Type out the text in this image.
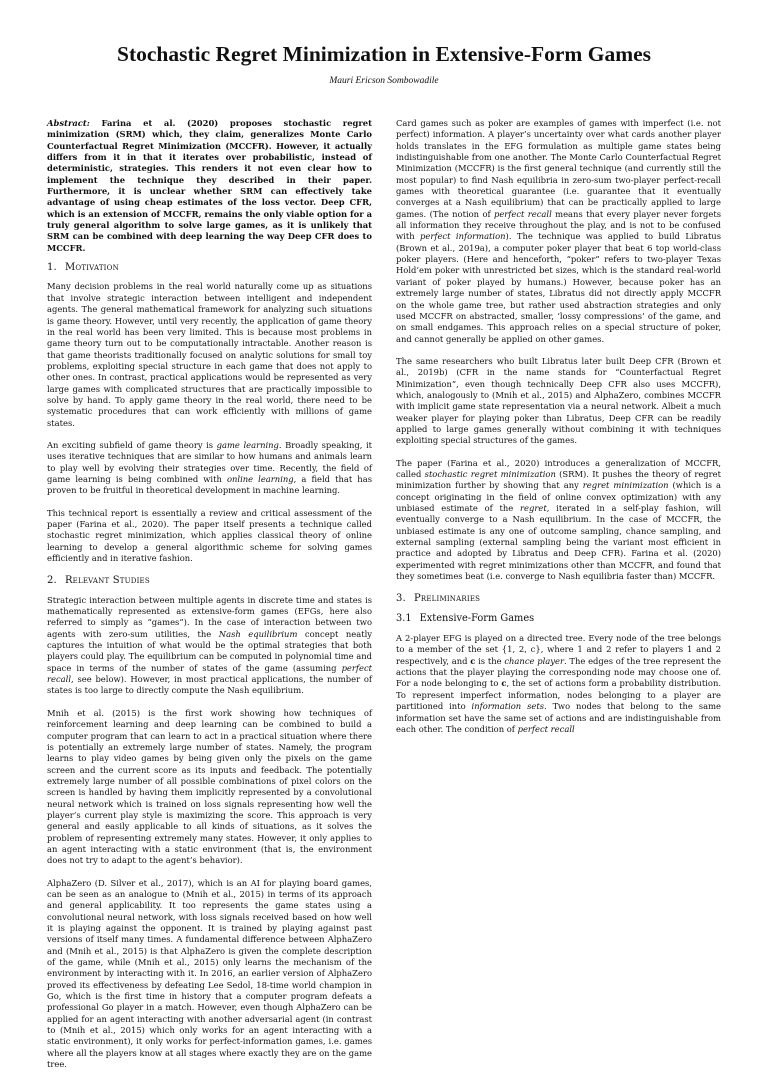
Stochastic Regret Minimization in Extensive-Form Games
Mauri Ericson Sombowadile

Abstract: Farina et al. (2020) proposes stochastic regret minimization (SRM) which, they claim, generalizes Monte Carlo Counterfactual Regret Minimization (MCCFR). However, it actually differs from it in that it iterates over probabilistic, instead of deterministic, strategies. This renders it not even clear how to implement the technique they described in their paper. Furthermore, it is unclear whether SRM can effectively take advantage of using cheap estimates of the loss vector. Deep CFR, which is an extension of MCCFR, remains the only viable option for a truly general algorithm to solve large games, as it is unlikely that SRM can be combined with deep learning the way Deep CFR does to MCCFR.

1. Motivation

Many decision problems in the real world naturally come up as situations that involve strategic interaction between intelligent and independent agents. The general mathematical framework for analyzing such situations is game theory. However, until very recently, the application of game theory in the real world has been very limited. This is because most problems in game theory turn out to be computationally intractable. Another reason is that game theorists traditionally focused on analytic solutions for small toy problems, exploiting special structure in each game that does not apply to other ones. In contrast, practical applications would be represented as very large games with complicated structures that are practically impossible to solve by hand. To apply game theory in the real world, there need to be systematic procedures that can work efficiently with millions of game states.

An exciting subfield of game theory is game learning. Broadly speaking, it uses iterative techniques that are similar to how humans and animals learn to play well by evolving their strategies over time. Recently, the field of game learning is being combined with online learning, a field that has proven to be fruitful in theoretical development in machine learning.

This technical report is essentially a review and critical assessment of the paper (Farina et al., 2020). The paper itself presents a technique called stochastic regret minimization, which applies classical theory of online learning to develop a general algorithmic scheme for solving games efficiently and in iterative fashion.

2. Relevant Studies

Strategic interaction between multiple agents in discrete time and states is mathematically represented as extensive-form games (EFGs, here also referred to simply as “games”). In the case of interaction between two agents with zero-sum utilities, the Nash equilibrium concept neatly captures the intuition of what would be the optimal strategies that both players could play. The equilibrium can be computed in polynomial time and space in terms of the number of states of the game (assuming perfect recall, see below). However, in most practical applications, the number of states is too large to directly compute the Nash equilibrium.

Mnih et al. (2015) is the first work showing how techniques of reinforcement learning and deep learning can be combined to build a computer program that can learn to act in a practical situation where there is potentially an extremely large number of states. Namely, the program learns to play video games by being given only the pixels on the game screen and the current score as its inputs and feedback. The potentially extremely large number of all possible combinations of pixel colors on the screen is handled by having them implicitly represented by a convolutional neural network which is trained on loss signals representing how well the player’s current play style is maximizing the score. This approach is very general and easily applicable to all kinds of situations, as it solves the problem of representing extremely many states. However, it only applies to an agent interacting with a static environment (that is, the environment does not try to adapt to the agent’s behavior).

AlphaZero (D. Silver et al., 2017), which is an AI for playing board games, can be seen as an analogue to (Mnih et al., 2015) in terms of its approach and general applicability. It too represents the game states using a convolutional neural network, with loss signals received based on how well it is playing against the opponent. It is trained by playing against past versions of itself many times. A fundamental difference between AlphaZero and (Mnih et al., 2015) is that AlphaZero is given the complete description of the game, while (Mnih et al., 2015) only learns the mechanism of the environment by interacting with it. In 2016, an earlier version of AlphaZero proved its effectiveness by defeating Lee Sedol, 18-time world champion in Go, which is the first time in history that a computer program defeats a professional Go player in a match. However, even though AlphaZero can be applied for an agent interacting with another adversarial agent (in contrast to (Mnih et al., 2015) which only works for an agent interacting with a static environment), it only works for perfect-information games, i.e. games where all the players know at all stages where exactly they are on the game tree.

Card games such as poker are examples of games with imperfect (i.e. not perfect) information. A player’s uncertainty over what cards another player holds translates in the EFG formulation as multiple game states being indistinguishable from one another. The Monte Carlo Counterfactual Regret Minimization (MCCFR) is the first general technique (and currently still the most popular) to find Nash equilibria in zero-sum two-player perfect-recall games with theoretical guarantee (i.e. guarantee that it eventually converges at a Nash equilibrium) that can be practically applied to large games. (The notion of perfect recall means that every player never forgets all information they receive throughout the play, and is not to be confused with perfect information). The technique was applied to build Libratus (Brown et al., 2019a), a computer poker player that beat 6 top world-class poker players. (Here and henceforth, “poker” refers to two-player Texas Hold’em poker with unrestricted bet sizes, which is the standard real-world variant of poker played by humans.) However, because poker has an extremely large number of states, Libratus did not directly apply MCCFR on the whole game tree, but rather used abstraction strategies and only used MCCFR on abstracted, smaller, ‘lossy compressions’ of the game, and on small endgames. This approach relies on a special structure of poker, and cannot generally be applied on other games.

The same researchers who built Libratus later built Deep CFR (Brown et al., 2019b) (CFR in the name stands for “Counterfactual Regret Minimization”, even though technically Deep CFR also uses MCCFR), which, analogously to (Mnih et al., 2015) and AlphaZero, combines MCCFR with implicit game state representation via a neural network. Albeit a much weaker player for playing poker than Libratus, Deep CFR can be readily applied to large games generally without combining it with techniques exploiting special structures of the games.

The paper (Farina et al., 2020) introduces a generalization of MCCFR, called stochastic regret minimization (SRM). It pushes the theory of regret minimization further by showing that any regret minimization (which is a concept originating in the field of online convex optimization) with any unbiased estimate of the regret, iterated in a self-play fashion, will eventually converge to a Nash equilibrium. In the case of MCCFR, the unbiased estimate is any one of outcome sampling, chance sampling, and external sampling (external sampling being the variant most efficient in practice and adopted by Libratus and Deep CFR). Farina et al. (2020) experimented with regret minimizations other than MCCFR, and found that they sometimes beat (i.e. converge to Nash equilibria faster than) MCCFR.

3. Preliminaries
3.1 Extensive-Form Games

A 2-player EFG is played on a directed tree. Every node of the tree belongs to a member of the set {1, 2, c}, where 1 and 2 refer to players 1 and 2 respectively, and c is the chance player. The edges of the tree represent the actions that the player playing the corresponding node may choose one of. For a node belonging to c, the set of actions form a probability distribution. To represent imperfect information, nodes belonging to a player are partitioned into information sets. Two nodes that belong to the same information set have the same set of actions and are indistinguishable from each other. The condition of perfect recall
